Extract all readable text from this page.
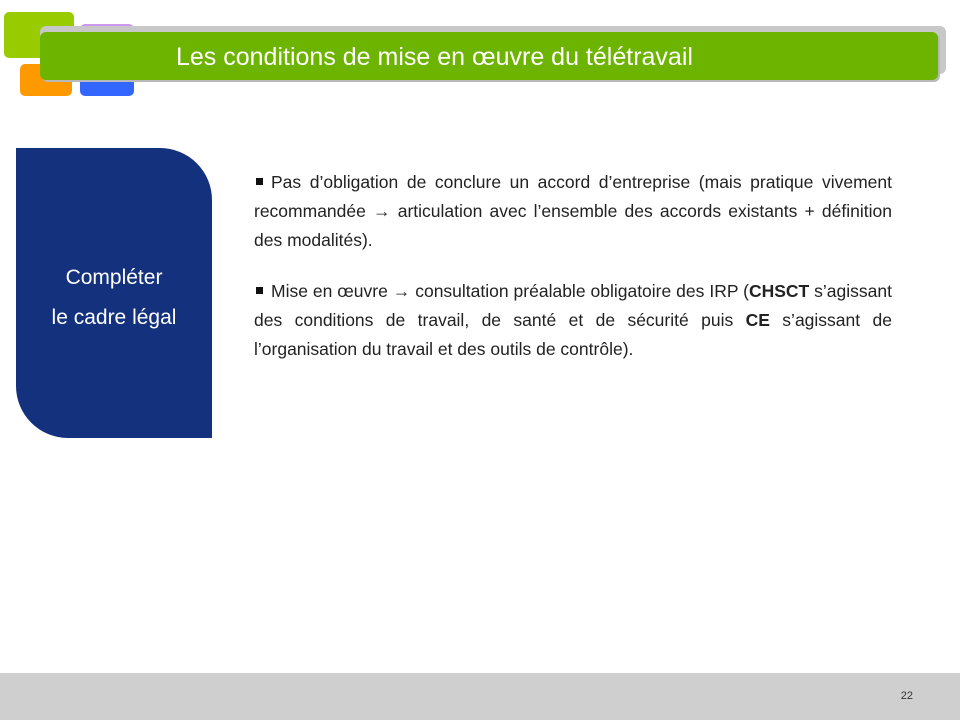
Les conditions de mise en œuvre du télétravail
Compléter
le cadre légal

Pas d’obligation de conclure un accord d’entreprise (mais pratique vivement recommandée → articulation avec l’ensemble des accords existants + définition des modalités).

Mise en œuvre → consultation préalable obligatoire des IRP (CHSCT s’agissant des conditions de travail, de santé et de sécurité puis CE s’agissant de l’organisation du travail et des outils de contrôle).

22
